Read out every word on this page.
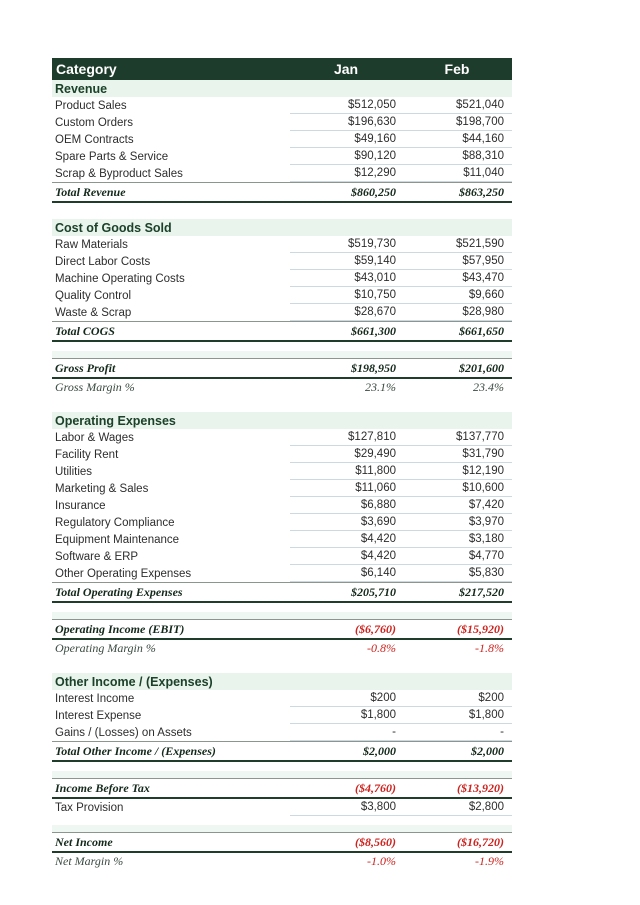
Category	Jan	Feb
Revenue
Product Sales	$512,050	$521,040
Custom Orders	$196,630	$198,700
OEM Contracts	$49,160	$44,160
Spare Parts & Service	$90,120	$88,310
Scrap & Byproduct Sales	$12,290	$11,040
Total Revenue	$860,250	$863,250
Cost of Goods Sold
Raw Materials	$519,730	$521,590
Direct Labor Costs	$59,140	$57,950
Machine Operating Costs	$43,010	$43,470
Quality Control	$10,750	$9,660
Waste & Scrap	$28,670	$28,980
Total COGS	$661,300	$661,650
Gross Profit	$198,950	$201,600
Gross Margin %	23.1%	23.4%
Operating Expenses
Labor & Wages	$127,810	$137,770
Facility Rent	$29,490	$31,790
Utilities	$11,800	$12,190
Marketing & Sales	$11,060	$10,600
Insurance	$6,880	$7,420
Regulatory Compliance	$3,690	$3,970
Equipment Maintenance	$4,420	$3,180
Software & ERP	$4,420	$4,770
Other Operating Expenses	$6,140	$5,830
Total Operating Expenses	$205,710	$217,520
Operating Income (EBIT)	($6,760)	($15,920)
Operating Margin %	-0.8%	-1.8%
Other Income / (Expenses)
Interest Income	$200	$200
Interest Expense	$1,800	$1,800
Gains / (Losses) on Assets	-	-
Total Other Income / (Expenses)	$2,000	$2,000
Income Before Tax	($4,760)	($13,920)
Tax Provision	$3,800	$2,800
Net Income	($8,560)	($16,720)
Net Margin %	-1.0%	-1.9%
